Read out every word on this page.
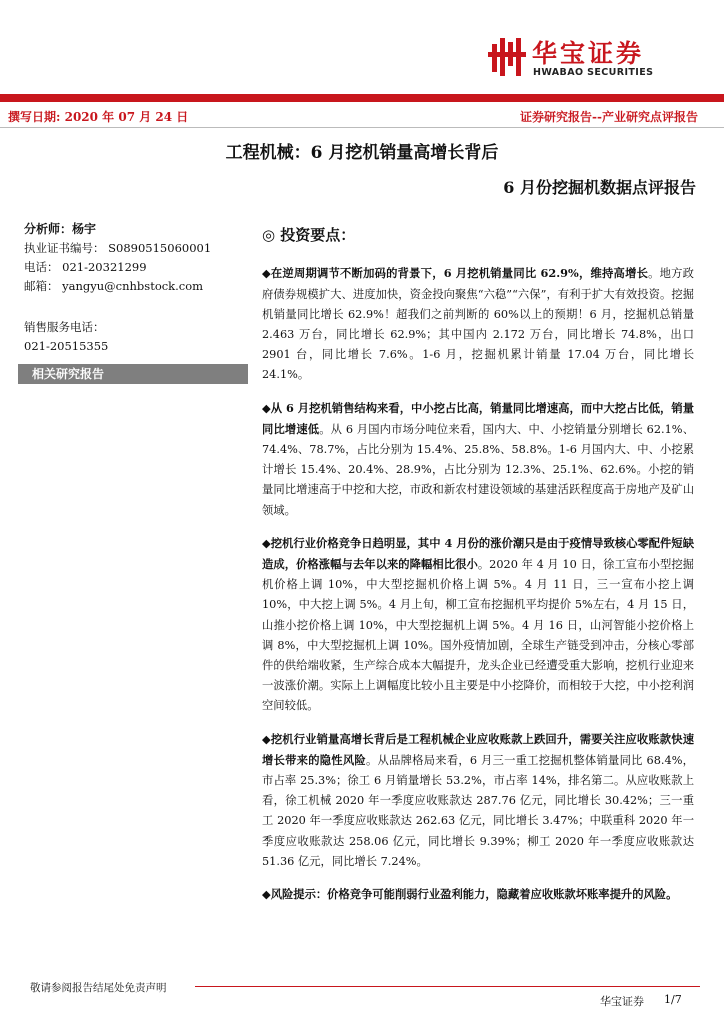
华宝证券
HWABAO SECURITIES
撰写日期: 2020 年 07 月 24 日	证券研究报告--产业研究点评报告
工程机械：6 月挖机销量高增长背后
6 月份挖掘机数据点评报告
分析师：杨宇
执业证书编号： S0890515060001
电话： 021-20321299
邮箱： yangyu@cnhbstock.com
销售服务电话：
021-20515355
相关研究报告
◎ 投资要点：

◆在逆周期调节不断加码的背景下，6 月挖机销量同比 62.9%，维持高增长。地方政府债券规模扩大、进度加快，资金投向聚焦“六稳”“六保”，有利于扩大有效投资。挖掘机销量同比增长 62.9%！超我们之前判断的 60%以上的预期！6 月，挖掘机总销量 2.463 万台，同比增长 62.9%；其中国内 2.172 万台，同比增长 74.8%，出口 2901 台，同比增长 7.6%。1-6 月，挖掘机累计销量 17.04 万台，同比增长 24.1%。

◆从 6 月挖机销售结构来看，中小挖占比高，销量同比增速高，而中大挖占比低，销量同比增速低。从 6 月国内市场分吨位来看，国内大、中、小挖销量分别增长 62.1%、74.4%、78.7%，占比分别为 15.4%、25.8%、58.8%。1-6 月国内大、中、小挖累计增长 15.4%、20.4%、28.9%，占比分别为 12.3%、25.1%、62.6%。小挖的销量同比增速高于中挖和大挖，市政和新农村建设领域的基建活跃程度高于房地产及矿山领域。

◆挖机行业价格竞争日趋明显，其中 4 月份的涨价潮只是由于疫情导致核心零配件短缺造成，价格涨幅与去年以来的降幅相比很小。2020 年 4 月 10 日，徐工宣布小型挖掘机价格上调 10%，中大型挖掘机价格上调 5%。4 月 11 日，三一宣布小挖上调 10%，中大挖上调 5%。4 月上旬，柳工宣布挖掘机平均提价 5%左右，4 月 15 日，山推小挖价格上调 10%，中大型挖掘机上调 5%。4 月 16 日，山河智能小挖价格上调 8%，中大型挖掘机上调 10%。国外疫情加剧，全球生产链受到冲击，分核心零部件的供给端收紧，生产综合成本大幅提升，龙头企业已经遭受重大影响，挖机行业迎来一波涨价潮。实际上上调幅度比较小且主要是中小挖降价，而相较于大挖，中小挖利润空间较低。

◆挖机行业销量高增长背后是工程机械企业应收账款上跌回升，需要关注应收账款快速增长带来的隐性风险。从品牌格局来看，6 月三一重工挖掘机整体销量同比 68.4%，市占率 25.3%；徐工 6 月销量增长 53.2%，市占率 14%，排名第二。从应收账款上看，徐工机械 2020 年一季度应收账款达 287.76 亿元，同比增长 30.42%；三一重工 2020 年一季度应收账款达 262.63 亿元，同比增长 3.47%；中联重科 2020 年一季度应收账款达 258.06 亿元，同比增长 9.39%；柳工 2020 年一季度应收账款达 51.36 亿元，同比增长 7.24%。

◆风险提示：价格竞争可能削弱行业盈利能力，隐藏着应收账款坏账率提升的风险。

敬请参阅报告结尾处免责声明
华宝证券 1/7
